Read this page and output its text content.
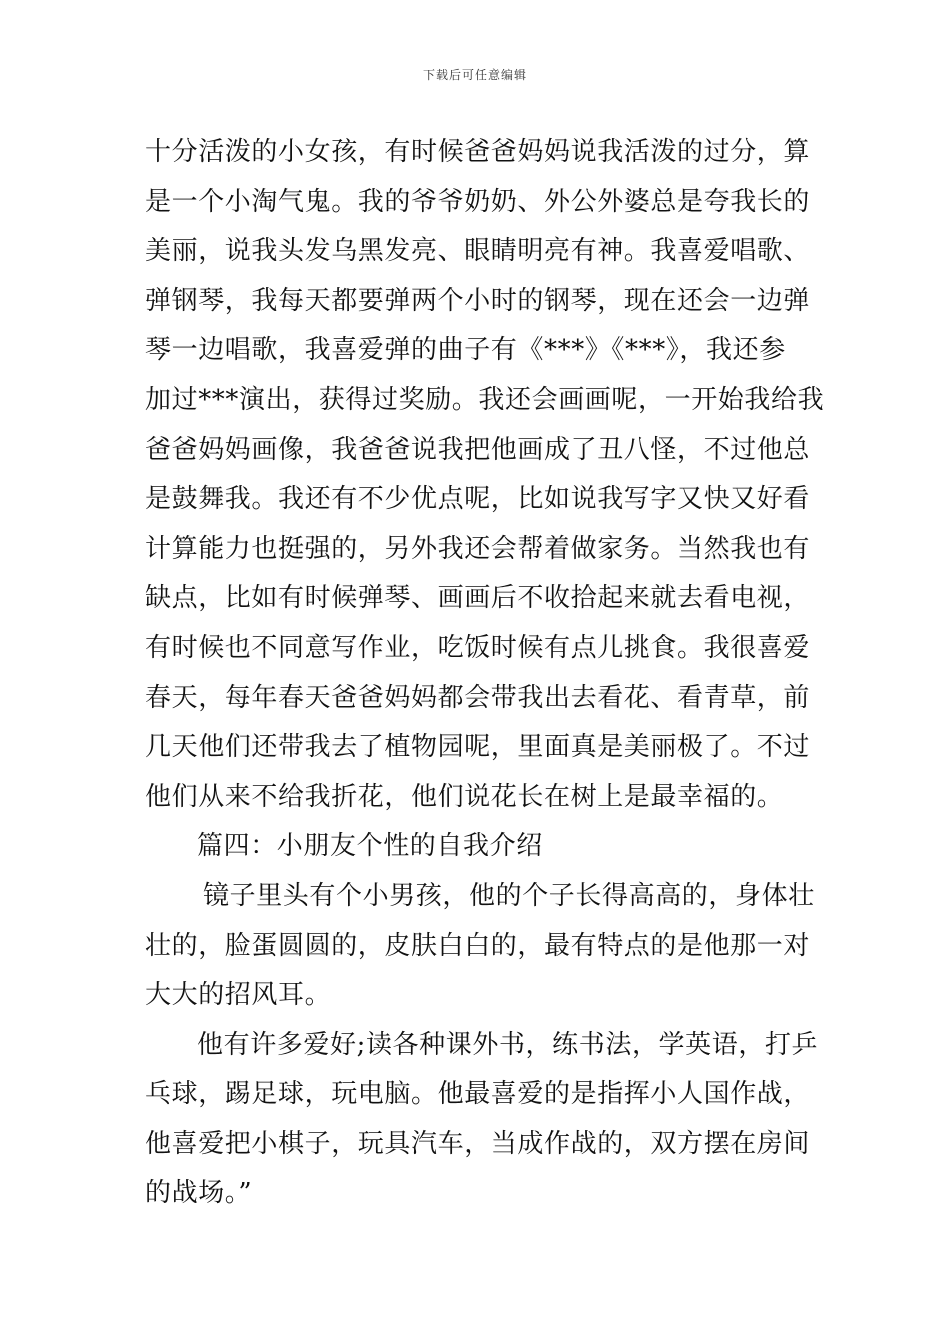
下载后可任意编辑
十分活泼的小女孩，有时候爸爸妈妈说我活泼的过分，算
是一个小淘气鬼。我的爷爷奶奶、外公外婆总是夸我长的
美丽，说我头发乌黑发亮、眼睛明亮有神。我喜爱唱歌、
弹钢琴，我每天都要弹两个小时的钢琴，现在还会一边弹
琴一边唱歌，我喜爱弹的曲子有《***》《***》，我还参
加过***演出，获得过奖励。我还会画画呢，一开始我给我
爸爸妈妈画像，我爸爸说我把他画成了丑八怪，不过他总
是鼓舞我。我还有不少优点呢，比如说我写字又快又好看
计算能力也挺强的，另外我还会帮着做家务。当然我也有
缺点，比如有时候弹琴、画画后不收拾起来就去看电视，
有时候也不同意写作业，吃饭时候有点儿挑食。我很喜爱
春天，每年春天爸爸妈妈都会带我出去看花、看青草，前
几天他们还带我去了植物园呢，里面真是美丽极了。不过
他们从来不给我折花，他们说花长在树上是最幸福的。
篇四：小朋友个性的自我介绍
镜子里头有个小男孩，他的个子长得高高的，身体壮
壮的，脸蛋圆圆的，皮肤白白的，最有特点的是他那一对
大大的招风耳。
他有许多爱好;读各种课外书，练书法，学英语，打乒
乓球，踢足球，玩电脑。他最喜爱的是指挥小人国作战，
他喜爱把小棋子，玩具汽车，当成作战的，双方摆在房间
的战场。”
